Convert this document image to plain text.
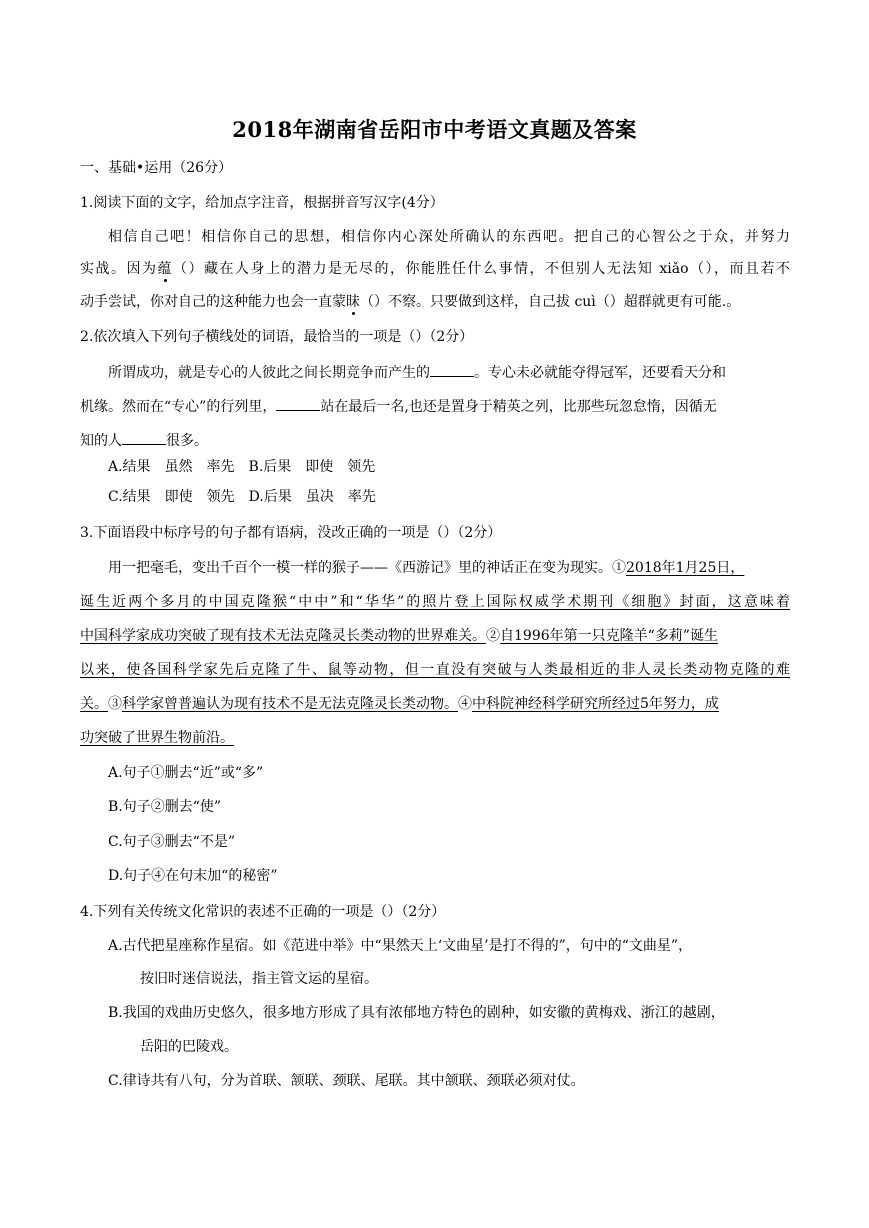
2018年湖南省岳阳市中考语文真题及答案
一、基础•运用（26分）
1.阅读下面的文字，给加点字注音，根据拼音写汉字(4分）
相信自己吧！相信你自己的思想，相信你内心深处所确认的东西吧。把自己的心智公之于众，并努力
实战。因为蕴（）藏在人身上的潜力是无尽的，你能胜任什么事情，不但别人无法知 xiǎo（），而且若不
动手尝试，你对自己的这种能力也会一直蒙昧（）不察。只要做到这样，自己拔 cuì（）超群就更有可能.。
2.依次填入下列句子横线处的词语，最恰当的一项是（）（2分）
所谓成功，就是专心的人彼此之间长期竞争而产生的	。专心未必就能夺得冠军，还要看天分和
机缘。然而在“专心”的行列里，	站在最后一名,也还是置身于精英之列，比那些玩忽怠惰，因循无
知的人	很多。
A.结果　虽然　率先　B.后果　即使　领先
C.结果　即使　领先　D.后果　虽决　率先
3.下面语段中标序号的句子都有语病，没改正确的一项是（）（2分）
用一把毫毛，变出千百个一模一样的猴子——《西游记》里的神话正在变为现实。①2018年1月25日，
诞生近两个多月的中国克隆猴“中中”和“华华”的照片登上国际权威学术期刊《细胞》封面，这意味着
中国科学家成功突破了现有技术无法克隆灵长类动物的世界难关。②自1996年第一只克隆羊“多莉”诞生
以来，使各国科学家先后克隆了牛、鼠等动物，但一直没有突破与人类最相近的非人灵长类动物克隆的难
关。③科学家曾普遍认为现有技术不是无法克隆灵长类动物。④中科院神经科学研究所经过5年努力，成
功突破了世界生物前沿。
A.句子①删去“近”或“多”
B.句子②删去“使”
C.句子③删去“不是”
D.句子④在句末加“的秘密”
4.下列有关传统文化常识的表述不正确的一项是（）（2分）
A.古代把星座称作星宿。如《范进中举》中“果然天上‘文曲星’是打不得的”，句中的“文曲星”，
按旧时迷信说法，指主管文运的星宿。
B.我国的戏曲历史悠久，很多地方形成了具有浓郁地方特色的剧种，如安徽的黄梅戏、浙江的越剧，
岳阳的巴陵戏。
C.律诗共有八句，分为首联、颔联、颈联、尾联。其中颔联、颈联必须对仗。
